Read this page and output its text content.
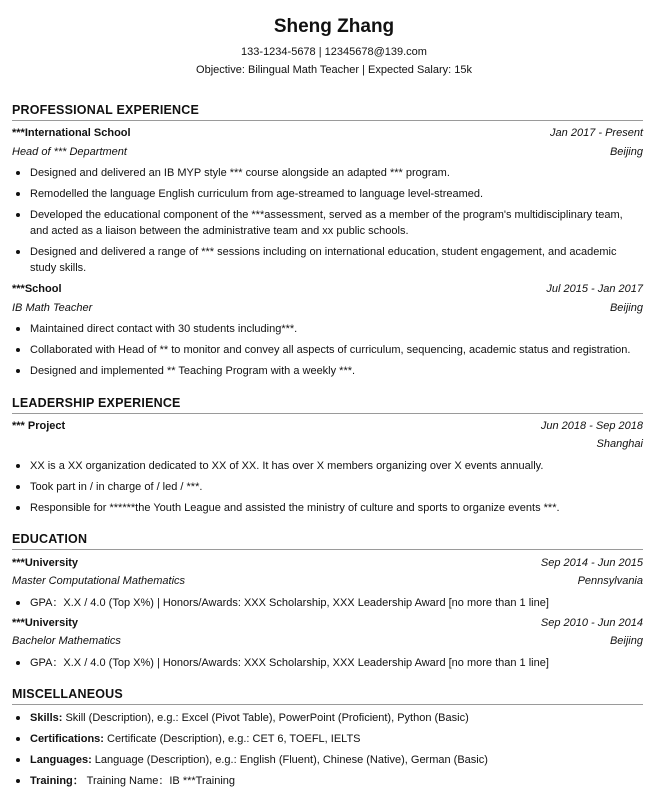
Sheng Zhang
133-1234-5678 | 12345678@139.com
Objective: Bilingual Math Teacher | Expected Salary: 15k
PROFESSIONAL EXPERIENCE
***International School	Jan 2017 - Present
Head of *** Department	Beijing
Designed and delivered an IB MYP style *** course alongside an adapted *** program.
Remodelled the language English curriculum from age-streamed to language level-streamed.
Developed the educational component of the ***assessment, served as a member of the program's multidisciplinary team, and acted as a liaison between the administrative team and xx public schools.
Designed and delivered a range of *** sessions including on international education, student engagement, and academic study skills.
***School	Jul 2015 - Jan 2017
IB Math Teacher	Beijing
Maintained direct contact with 30 students including***.
Collaborated with Head of ** to monitor and convey all aspects of curriculum, sequencing, academic status and registration.
Designed and implemented ** Teaching Program with a weekly ***.
LEADERSHIP EXPERIENCE
*** Project	Jun 2018 - Sep 2018
Shanghai
XX is a XX organization dedicated to XX of XX. It has over X members organizing over X events annually.
Took part in / in charge of / led / ***.
Responsible for ******the Youth League and assisted the ministry of culture and sports to organize events ***.
EDUCATION
***University	Sep 2014 - Jun 2015
Master Computational Mathematics	Pennsylvania
GPA：X.X / 4.0 (Top X%) | Honors/Awards: XXX Scholarship, XXX Leadership Award [no more than 1 line]
***University	Sep 2010 - Jun 2014
Bachelor Mathematics	Beijing
GPA：X.X / 4.0 (Top X%) | Honors/Awards: XXX Scholarship, XXX Leadership Award [no more than 1 line]
MISCELLANEOUS
Skills: Skill (Description), e.g.: Excel (Pivot Table), PowerPoint (Proficient), Python (Basic)
Certifications: Certificate (Description), e.g.: CET 6, TOEFL, IELTS
Languages: Language (Description), e.g.: English (Fluent), Chinese (Native), German (Basic)
Training： Training Name：IB ***Training
